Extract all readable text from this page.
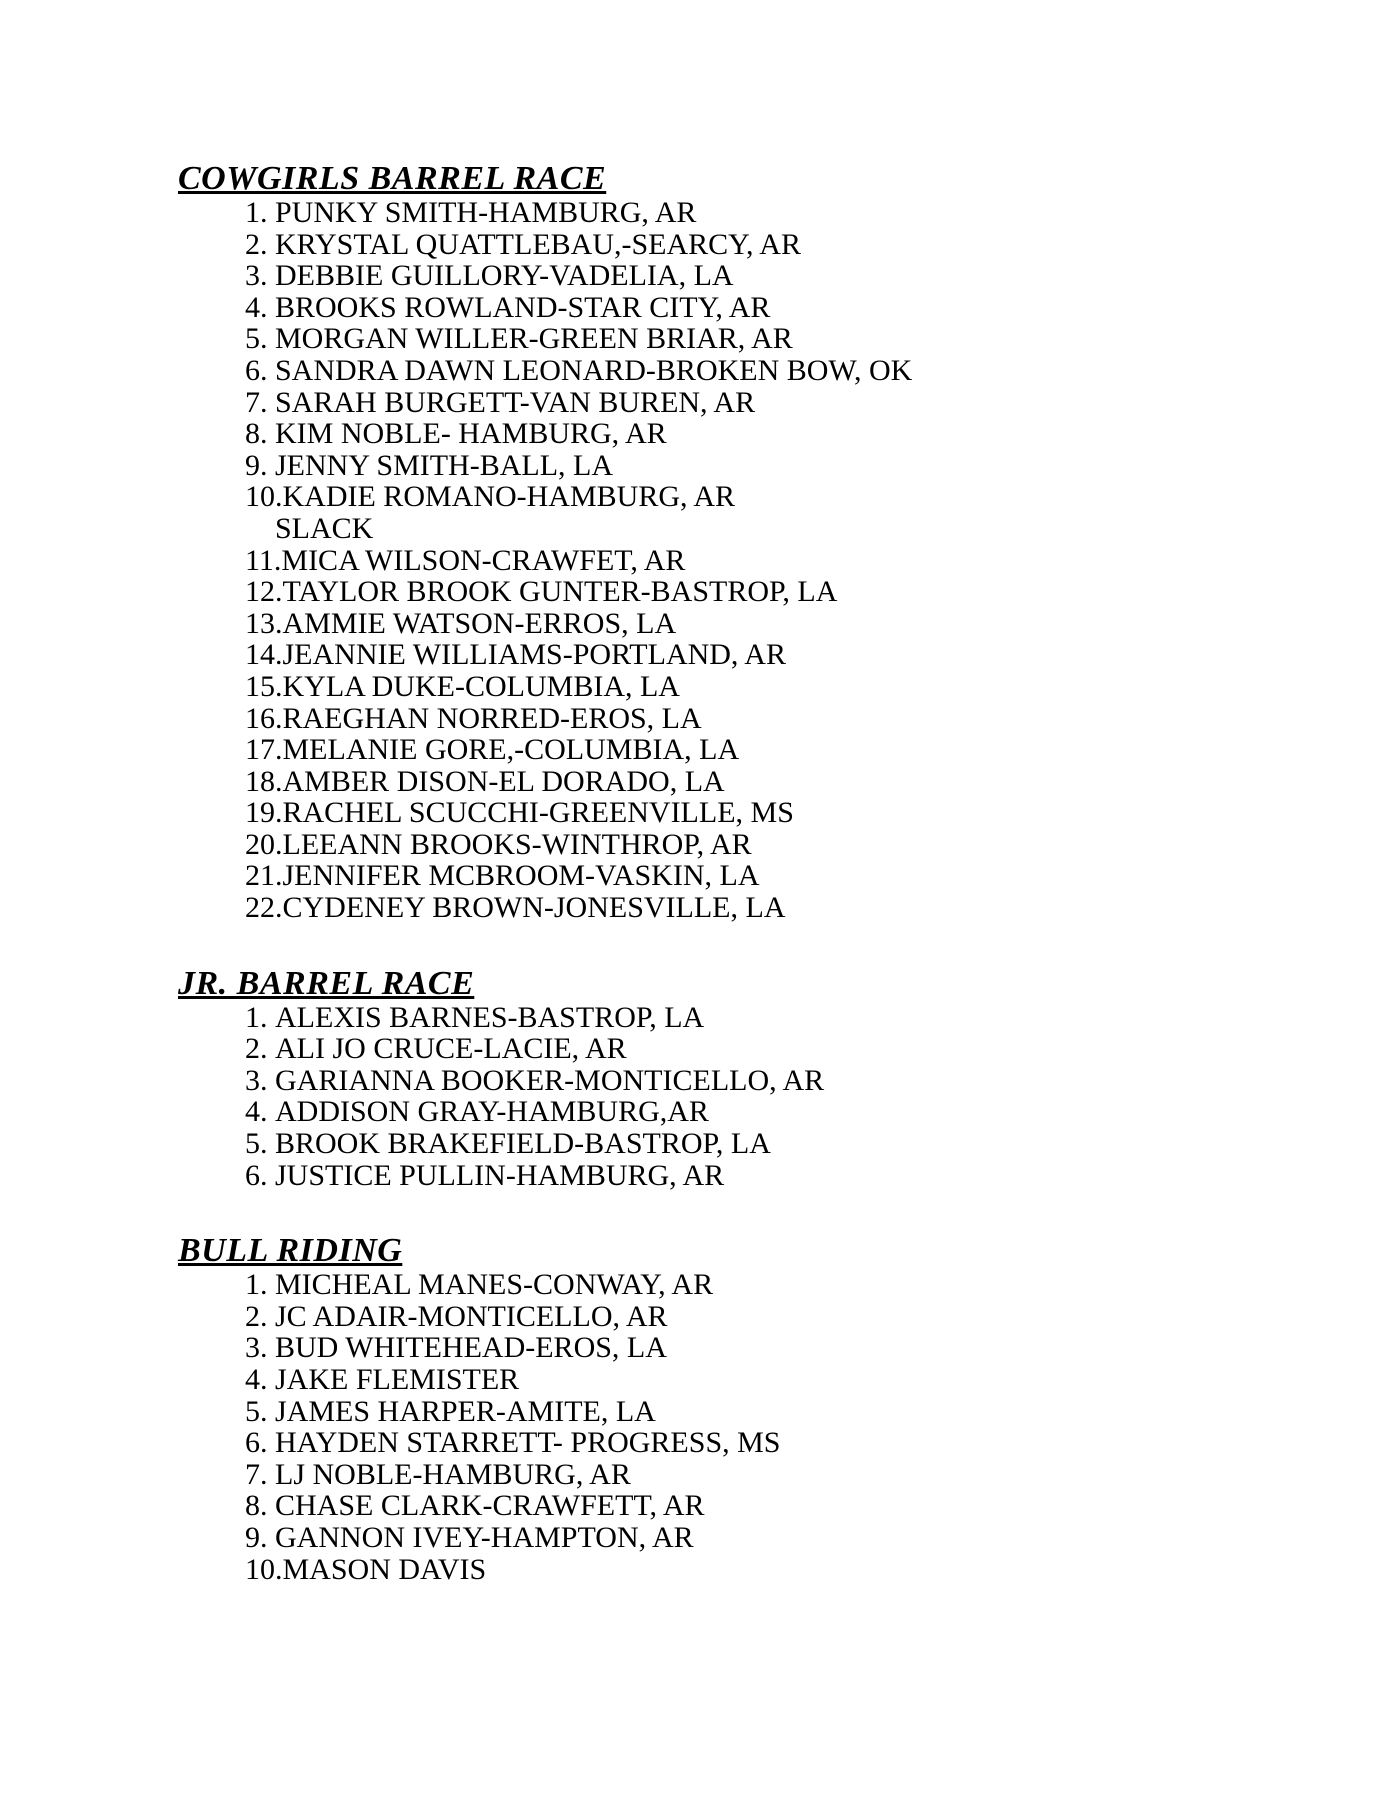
COWGIRLS BARREL RACE
1. PUNKY SMITH-HAMBURG, AR
2. KRYSTAL QUATTLEBAU,-SEARCY, AR
3. DEBBIE GUILLORY-VADELIA, LA
4. BROOKS ROWLAND-STAR CITY, AR
5. MORGAN WILLER-GREEN BRIAR, AR
6. SANDRA DAWN LEONARD-BROKEN BOW, OK
7. SARAH BURGETT-VAN BUREN, AR
8. KIM NOBLE- HAMBURG, AR
9. JENNY SMITH-BALL, LA
10. KADIE ROMANO-HAMBURG, AR
SLACK
11. MICA WILSON-CRAWFET, AR
12. TAYLOR BROOK GUNTER-BASTROP, LA
13. AMMIE WATSON-ERROS, LA
14. JEANNIE WILLIAMS-PORTLAND, AR
15. KYLA DUKE-COLUMBIA, LA
16. RAEGHAN NORRED-EROS, LA
17. MELANIE GORE,-COLUMBIA, LA
18. AMBER DISON-EL DORADO, LA
19. RACHEL SCUCCHI-GREENVILLE, MS
20. LEEANN BROOKS-WINTHROP, AR
21. JENNIFER MCBROOM-VASKIN, LA
22. CYDENEY BROWN-JONESVILLE, LA
JR. BARREL RACE
1. ALEXIS BARNES-BASTROP, LA
2. ALI JO CRUCE-LACIE, AR
3. GARIANNA BOOKER-MONTICELLO, AR
4. ADDISON GRAY-HAMBURG,AR
5. BROOK BRAKEFIELD-BASTROP, LA
6. JUSTICE PULLIN-HAMBURG, AR
BULL RIDING
1. MICHEAL MANES-CONWAY, AR
2. JC ADAIR-MONTICELLO, AR
3. BUD WHITEHEAD-EROS, LA
4. JAKE FLEMISTER
5. JAMES HARPER-AMITE, LA
6. HAYDEN STARRETT- PROGRESS, MS
7. LJ NOBLE-HAMBURG, AR
8. CHASE CLARK-CRAWFETT, AR
9. GANNON IVEY-HAMPTON, AR
10. MASON DAVIS
